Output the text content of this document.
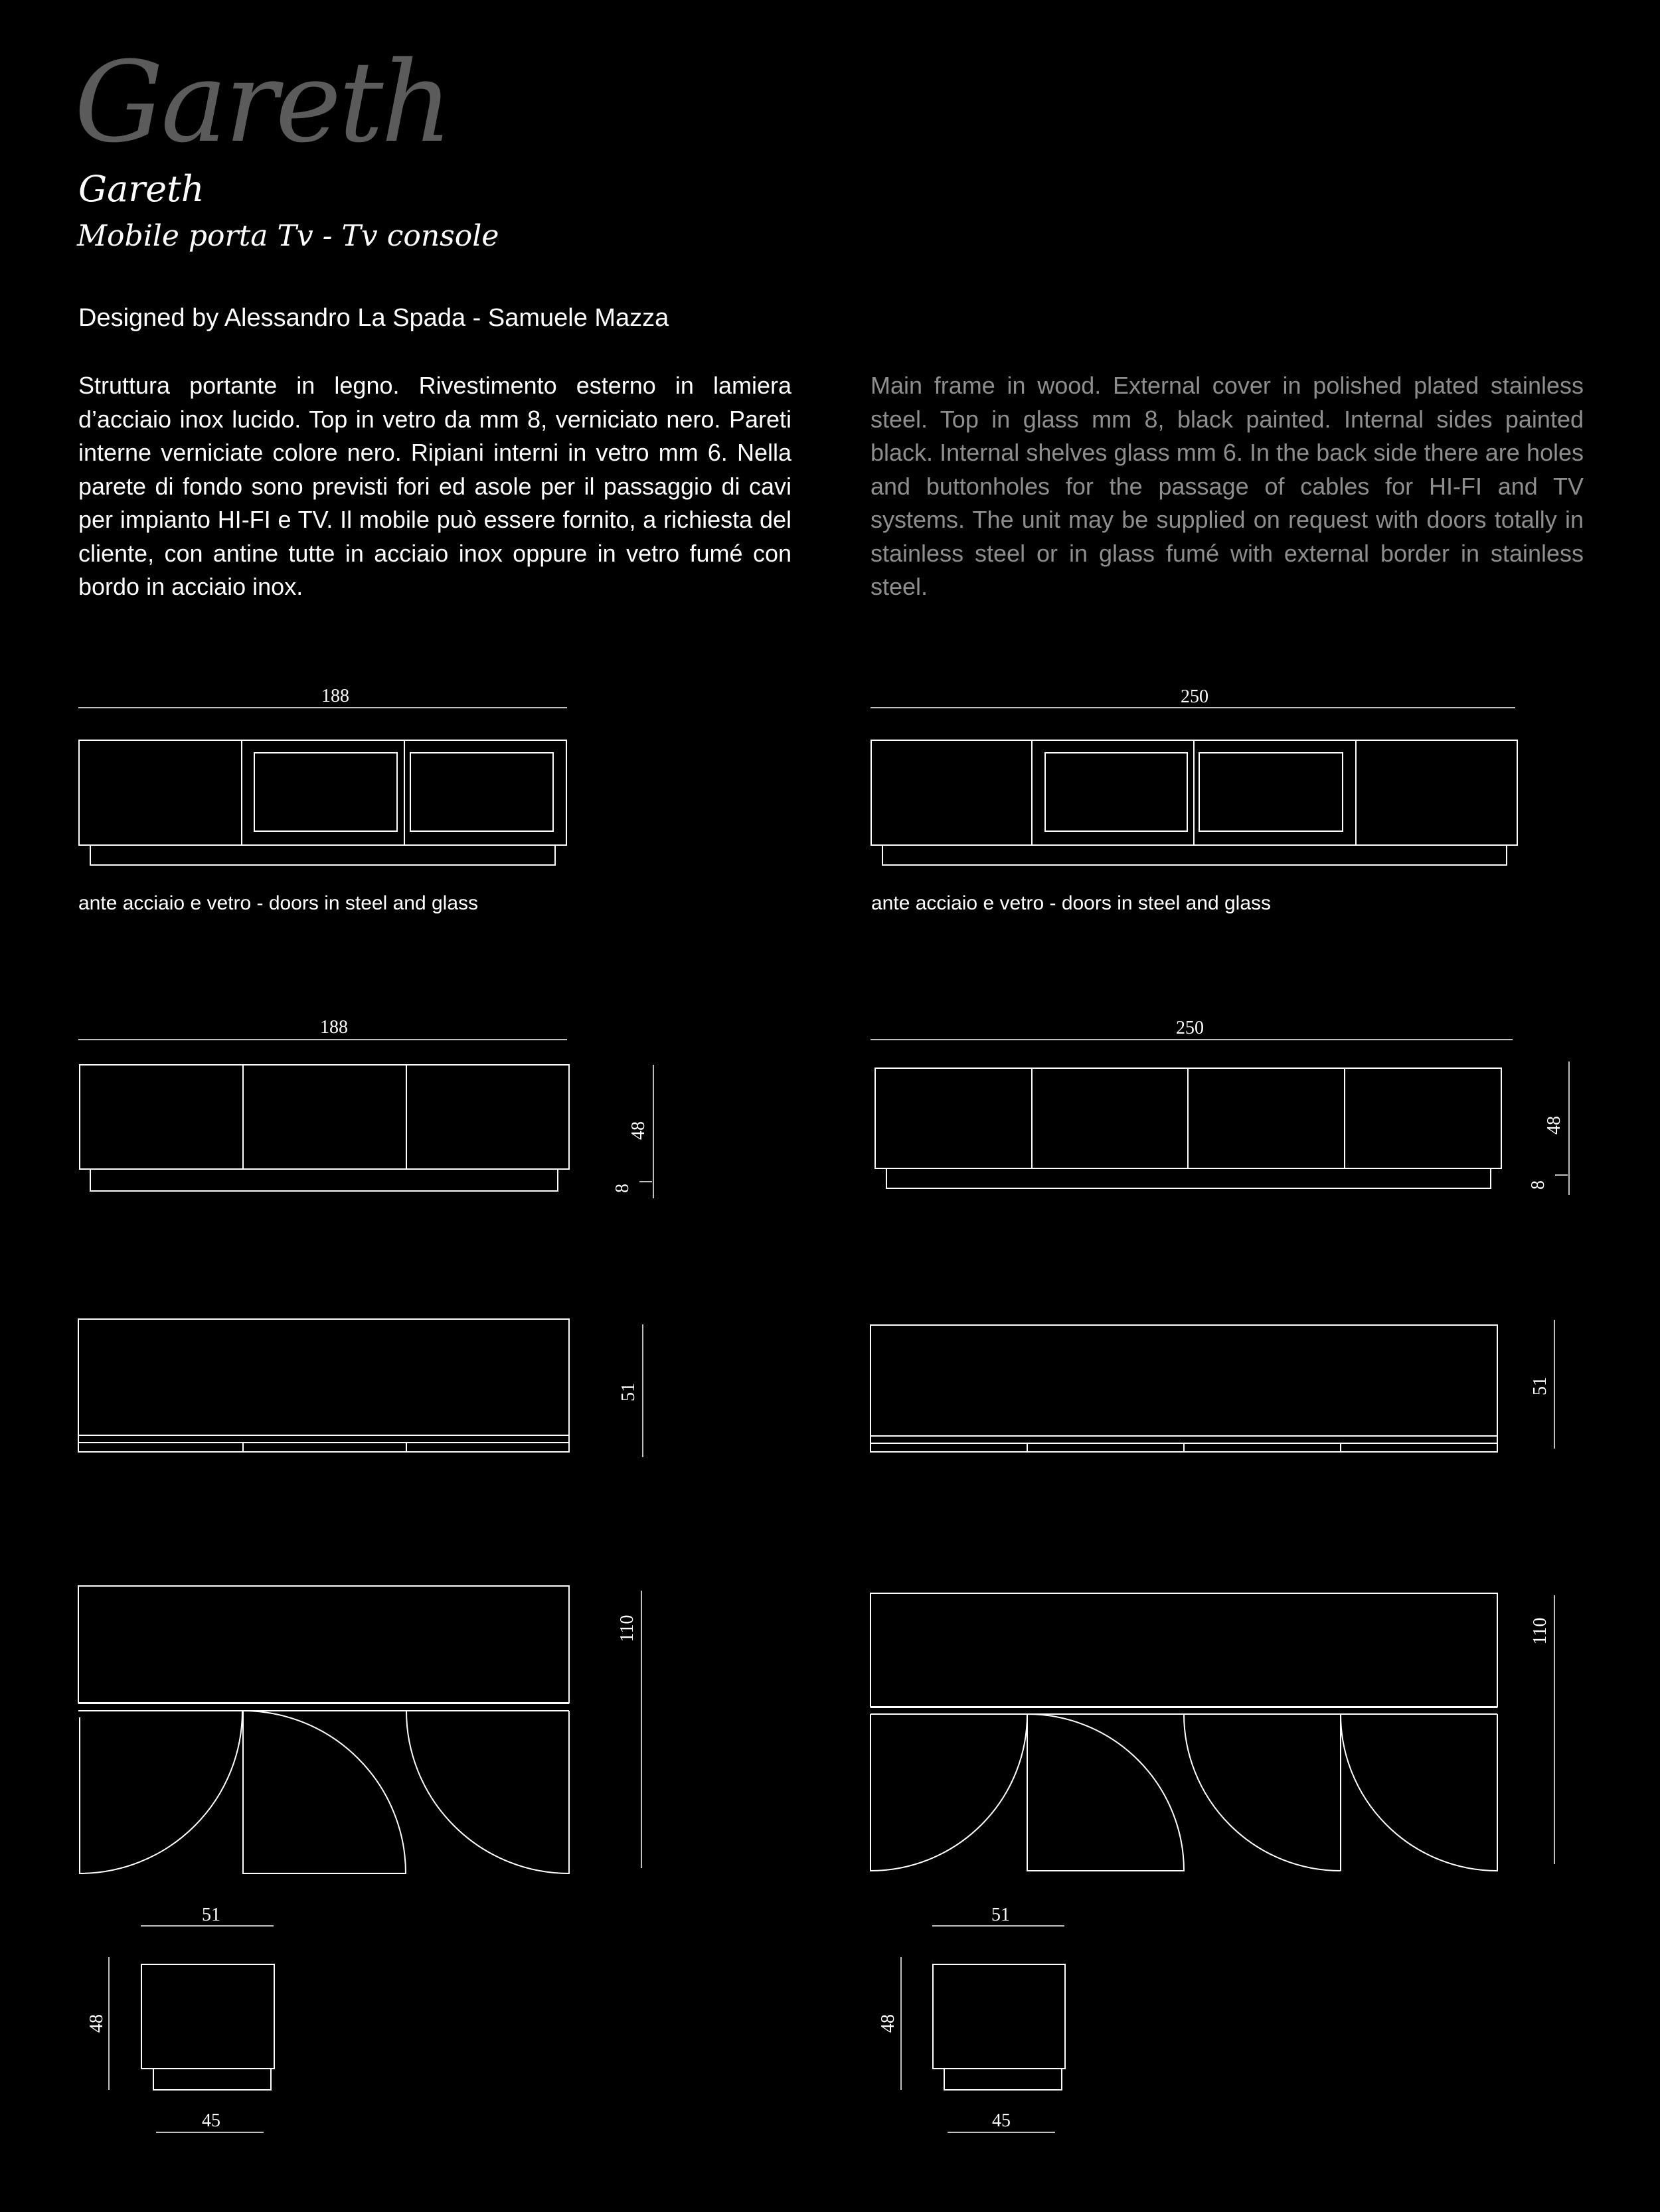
Gareth
Gareth
Mobile porta Tv - Tv console
Designed by Alessandro La Spada - Samuele Mazza
Struttura portante in legno. Rivestimento esterno in lamiera d’acciaio inox lucido. Top in vetro da mm 8, verniciato nero. Pareti interne verniciate colore nero. Ripiani interni in vetro mm 6. Nella parete di fondo sono previsti fori ed asole per il passaggio di cavi per impianto HI-FI e TV. Il mobile può essere fornito, a richiesta del cliente, con antine tutte in acciaio inox oppure in vetro fumé con bordo in acciaio inox.
Main frame in wood. External cover in polished plated stainless steel. Top in glass mm 8, black painted. Internal sides painted black. Internal shelves glass mm 6. In the back side there are holes and buttonholes for the passage of cables for HI-FI and TV systems. The unit may be supplied on request with doors totally in stainless steel or in glass fumé with external border in stainless steel.
ante acciaio e vetro - doors in steel and glass	ante acciaio e vetro - doors in steel and glass
188
188
48
8
51
110
51
48
45
250
250
48
8
51
110
51
48
45
